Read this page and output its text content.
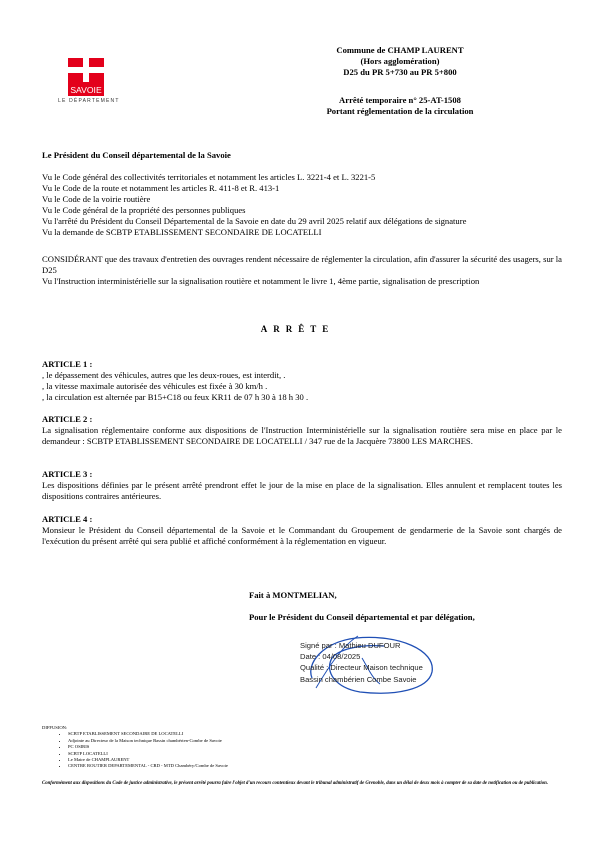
SAVOIE
LE DÉPARTEMENT
Commune de CHAMP LAURENT
(Hors agglomération)
D25 du PR 5+730 au PR 5+800
Arrêté temporaire n° 25-AT-1508
Portant réglementation de la circulation
Le Président du Conseil départemental de la Savoie
Vu le Code général des collectivités territoriales et notamment les articles L. 3221-4 et L. 3221-5
Vu le Code de la route et notamment les articles R. 411-8 et R. 413-1
Vu le Code de la voirie routière
Vu le Code général de la propriété des personnes publiques
Vu l'arrêté du Président du Conseil Départemental de la Savoie en date du 29 avril 2025 relatif aux délégations de signature
Vu la demande de SCBTP ETABLISSEMENT SECONDAIRE DE LOCATELLI
CONSIDÉRANT que des travaux d'entretien des ouvrages rendent nécessaire de réglementer la circulation, afin d'assurer la sécurité des usagers, sur la D25
Vu l'Instruction interministérielle sur la signalisation routière et notamment le livre 1, 4ème partie, signalisation de prescription
ARRÊTE
ARTICLE 1 :
, le dépassement des véhicules, autres que les deux-roues, est interdit, .
, la vitesse maximale autorisée des véhicules est fixée à 30 km/h .
, la circulation est alternée par B15+C18 ou feux KR11 de 07 h 30 à 18 h 30 .
ARTICLE 2 :
La signalisation réglementaire conforme aux dispositions de l'Instruction Interministérielle sur la signalisation routière sera mise en place par le demandeur : SCBTP ETABLISSEMENT SECONDAIRE DE LOCATELLI / 347 rue de la Jacquère 73800 LES MARCHES.
ARTICLE 3 :
Les dispositions définies par le présent arrêté prendront effet le jour de la mise en place de la signalisation. Elles annulent et remplacent toutes les dispositions contraires antérieures.
ARTICLE 4 :
Monsieur le Président du Conseil départemental de la Savoie et le Commandant du Groupement de gendarmerie de la Savoie sont chargés de l'exécution du présent arrêté qui sera publié et affiché conformément à la réglementation en vigueur.
Fait à MONTMELIAN,
Pour le Président du Conseil départemental et par délégation,
Signé par : Mathieu DUFOUR
Date : 04/08/2025
Qualité : Directeur Maison technique
Bassin chambérien Combe Savoie
DIFFUSION:
• SCBTP ETABLISSEMENT SECONDAIRE DE LOCATELLI
• Adjointe au Directeur de la Maison technique Bassin chambérien-Combe de Savoie
• PC OSIRIS
• SCBTP LOCATELLI
• Le Maire de CHAMPLAURENT
• CENTRE ROUTIER DEPARTEMENTAL - CRD - MTD Chambéry/Combe de Savoie
Conformément aux dispositions du Code de justice administrative, le présent arrêté pourra faire l'objet d'un recours contentieux devant le tribunal administratif de Grenoble, dans un délai de deux mois à compter de sa date de notification ou de publication.
